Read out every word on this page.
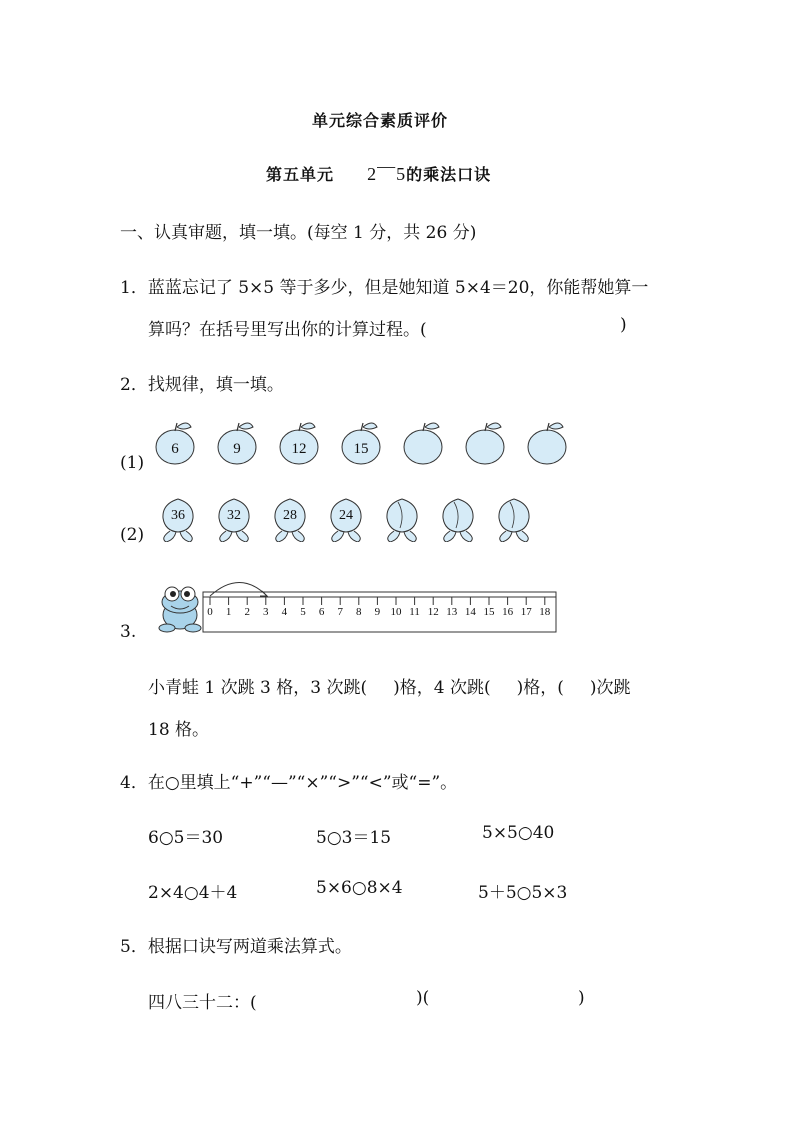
单元综合素质评价
第五单元 2—5的乘法口诀
一、认真审题，填一填。(每空 1 分，共 26 分)
1．蓝蓝忘记了 5×5 等于多少，但是她知道 5×4＝20，你能帮她算一
算吗？在括号里写出你的计算过程。(	)
2．找规律，填一填。
(1)
6	9	12	15
(2)
36	32	28	24
3.
0 1 2 3 4 5 6 7 8 9 10 11 12 13 14 15 16 17 18
小青蛙 1 次跳 3 格，3 次跳( )格，4 次跳( )格，( )次跳
18 格。
4．在○里填上“+”“—”“×”“>”“<”或“=”。
6○5＝30	5○3＝15	5×5○40
2×4○4＋4	5×6○8×4	5＋5○5×3
5．根据口诀写两道乘法算式。
四八三十二：(	)(	)
